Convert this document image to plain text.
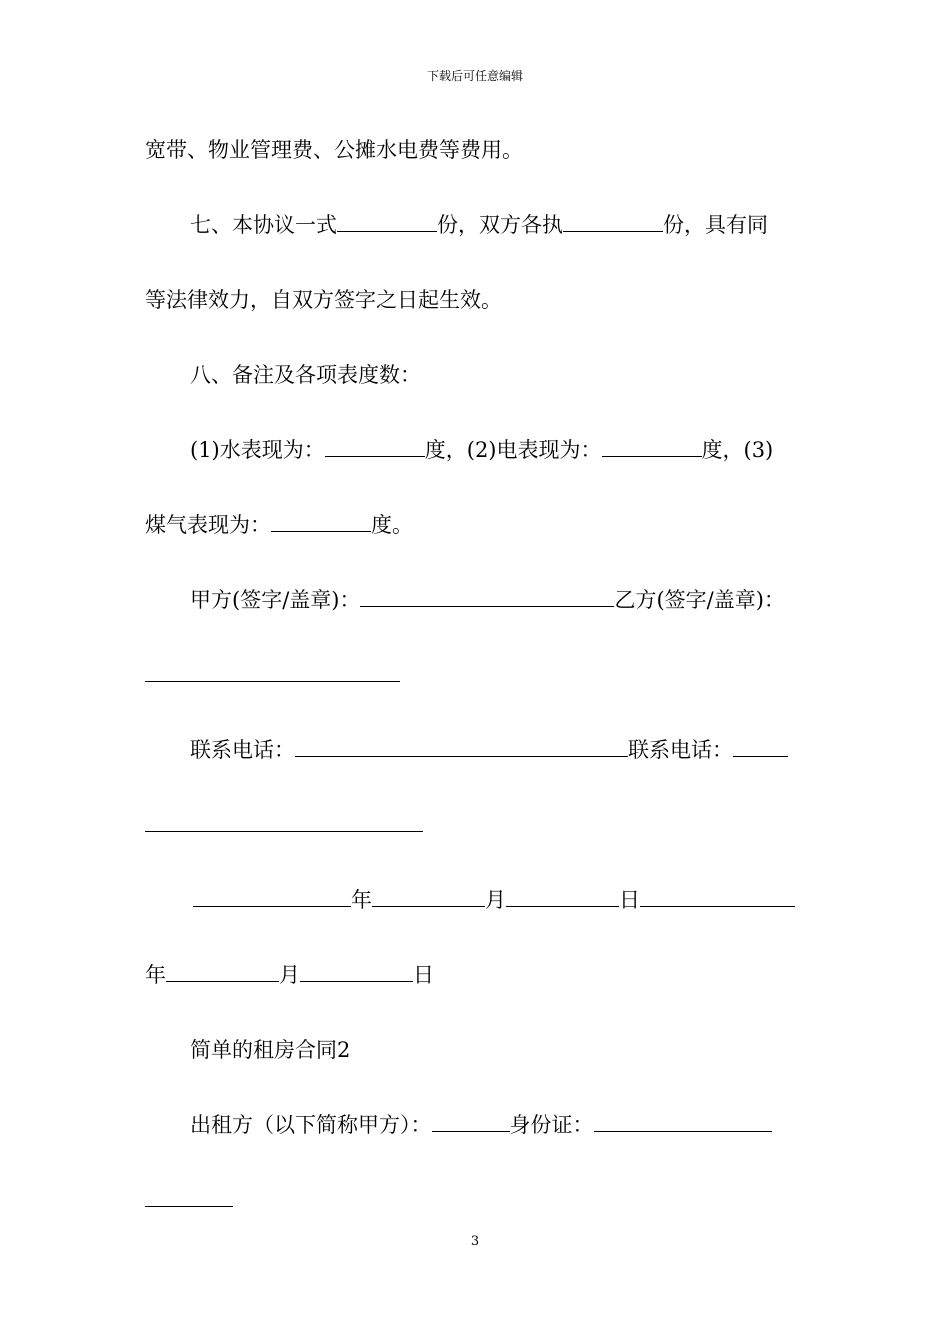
下载后可任意编辑
宽带、物业管理费、公摊水电费等费用。
七、本协议一式	份，双方各执	份，具有同
等法律效力，自双方签字之日起生效。
八、备注及各项表度数：
(1)水表现为：	度，(2)电表现为：	度，(3)
煤气表现为：	度。
甲方(签字/盖章)：	乙方(签字/盖章)：
联系电话：	联系电话：
年	月	日
年	月	日
简单的租房合同2
出租方（以下简称甲方）：	身份证：
3
